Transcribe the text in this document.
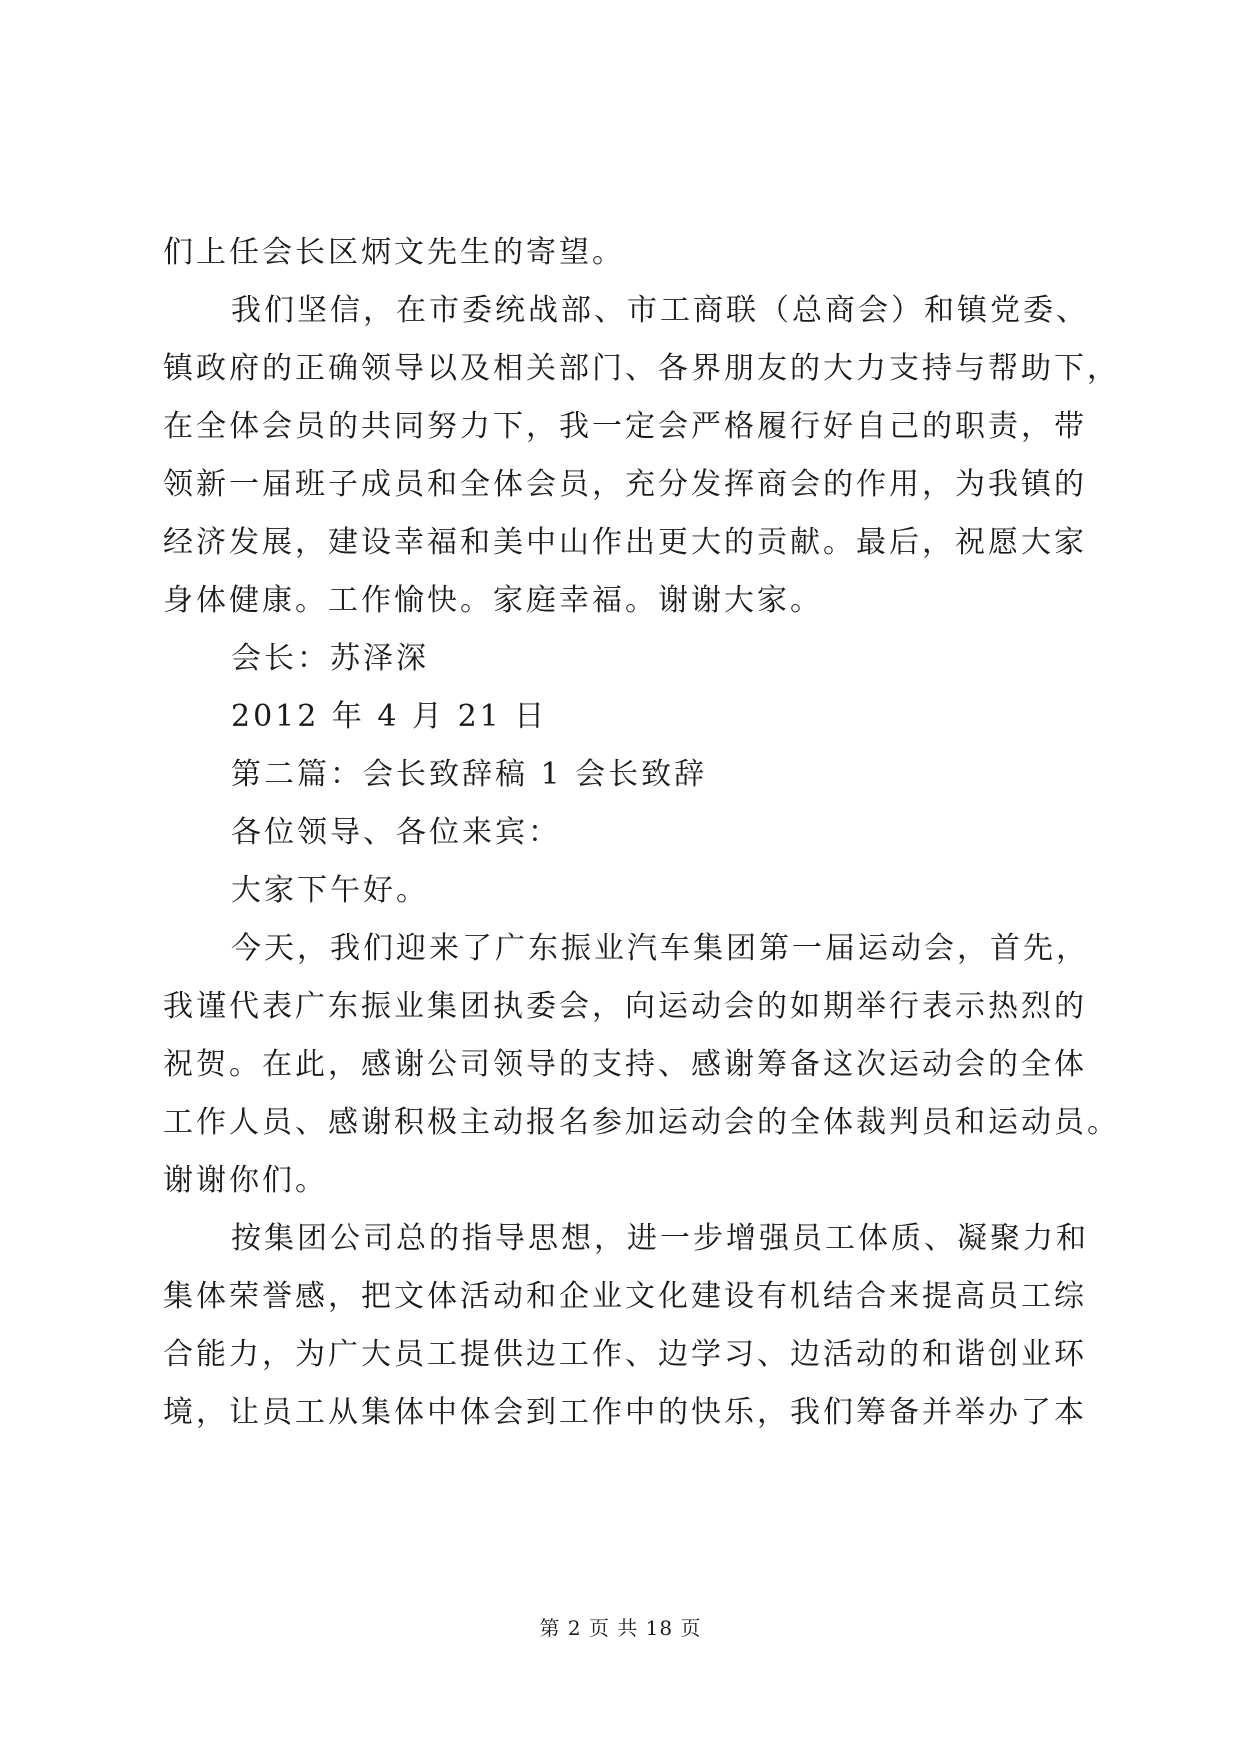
们上任会长区炳文先生的寄望。
我们坚信，在市委统战部、市工商联（总商会）和镇党委、
镇政府的正确领导以及相关部门、各界朋友的大力支持与帮助下，
在全体会员的共同努力下，我一定会严格履行好自己的职责，带
领新一届班子成员和全体会员，充分发挥商会的作用，为我镇的
经济发展，建设幸福和美中山作出更大的贡献。最后，祝愿大家
身体健康。工作愉快。家庭幸福。谢谢大家。
会长：苏泽深
2012 年 4 月 21 日
第二篇：会长致辞稿 1 会长致辞
各位领导、各位来宾：
大家下午好。
今天，我们迎来了广东振业汽车集团第一届运动会，首先，
我谨代表广东振业集团执委会，向运动会的如期举行表示热烈的
祝贺。在此，感谢公司领导的支持、感谢筹备这次运动会的全体
工作人员、感谢积极主动报名参加运动会的全体裁判员和运动员。
谢谢你们。
按集团公司总的指导思想，进一步增强员工体质、凝聚力和
集体荣誉感，把文体活动和企业文化建设有机结合来提高员工综
合能力，为广大员工提供边工作、边学习、边活动的和谐创业环
境，让员工从集体中体会到工作中的快乐，我们筹备并举办了本
第 2 页 共 18 页
